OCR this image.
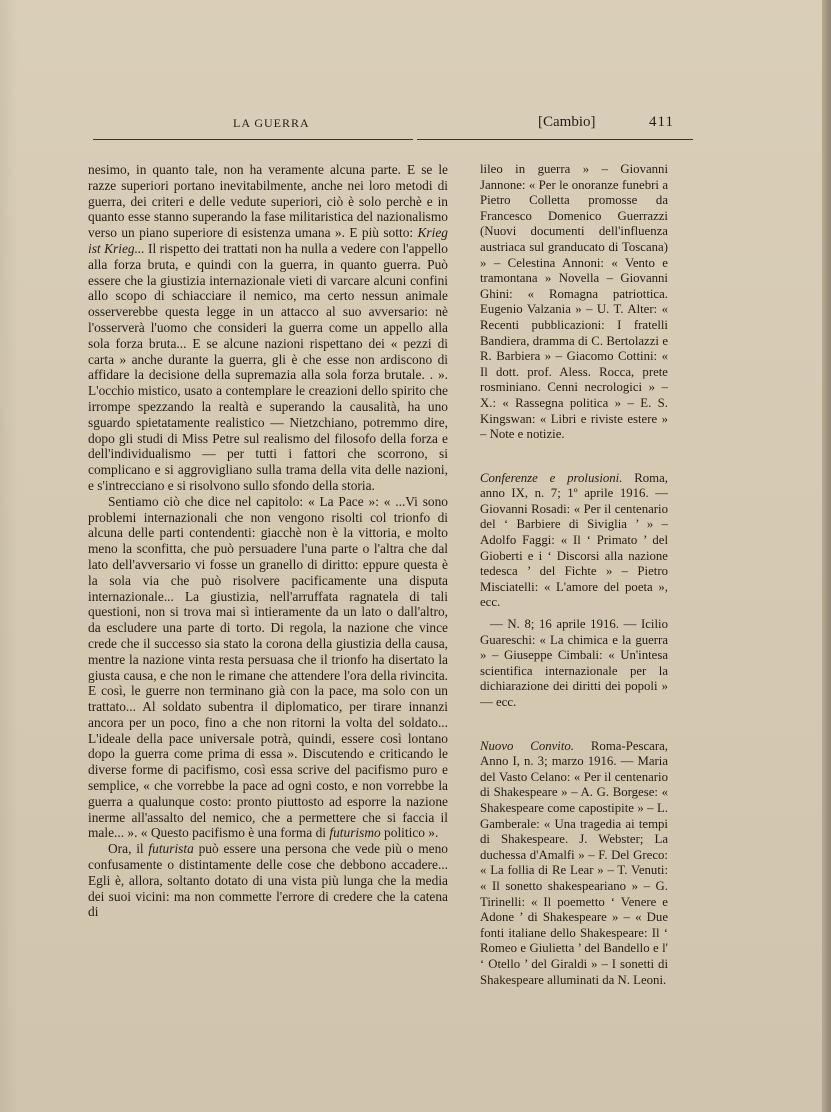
LA GUERRA	[Cambio]	411

nesimo, in quanto tale, non ha veramente alcuna parte. E se le razze superiori portano inevitabilmente, anche nei loro metodi di guerra, dei criteri e delle vedute superiori, ciò è solo perchè e in quanto esse stanno superando la fase militaristica del nazionalismo verso un piano superiore di esistenza umana ». E più sotto: Krieg ist Krieg... Il rispetto dei trattati non ha nulla a vedere con l'appello alla forza bruta, e quindi con la guerra, in quanto guerra. Può essere che la giustizia internazionale vieti di varcare alcuni confini allo scopo di schiacciare il nemico, ma certo nessun animale osserverebbe questa legge in un attacco al suo avversario: nè l'osserverà l'uomo che consideri la guerra come un appello alla sola forza bruta... E se alcune nazioni rispettano dei « pezzi di carta » anche durante la guerra, gli è che esse non ardiscono di affidare la decisione della supremazia alla sola forza brutale. . ». L'occhio mistico, usato a contemplare le creazioni dello spirito che irrompe spezzando la realtà e superando la causalità, ha uno sguardo spietatamente realistico — Nietzchiano, potremmo dire, dopo gli studi di Miss Petre sul realismo del filosofo della forza e dell'individualismo — per tutti i fattori che scorrono, si complicano e si aggrovigliano sulla trama della vita delle nazioni, e s'intrecciano e si risolvono sullo sfondo della storia.

Sentiamo ciò che dice nel capitolo: « La Pace »: « ...Vi sono problemi internazionali che non vengono risolti col trionfo di alcuna delle parti contendenti: giacchè non è la vittoria, e molto meno la sconfitta, che può persuadere l'una parte o l'altra che dal lato dell'avversario vi fosse un granello di diritto: eppure questa è la sola via che può risolvere pacificamente una disputa internazionale... La giustizia, nell'arruffata ragnatela di tali questioni, non si trova mai sì intieramente da un lato o dall'altro, da escludere una parte di torto. Di regola, la nazione che vince crede che il successo sia stato la corona della giustizia della causa, mentre la nazione vinta resta persuasa che il trionfo ha disertato la giusta causa, e che non le rimane che attendere l'ora della rivincita. E così, le guerre non terminano già con la pace, ma solo con un trattato... Al soldato subentra il diplomatico, per tirare innanzi ancora per un poco, fino a che non ritorni la volta del soldato... L'ideale della pace universale potrà, quindi, essere così lontano dopo la guerra come prima di essa ». Discutendo e criticando le diverse forme di pacifismo, così essa scrive del pacifismo puro e semplice, « che vorrebbe la pace ad ogni costo, e non vorrebbe la guerra a qualunque costo: pronto piuttosto ad esporre la nazione inerme all'assalto del nemico, che a permettere che si faccia il male... ». « Questo pacifismo è una forma di futurismo politico ».

Ora, il futurista può essere una persona che vede più o meno confusamente o distintamente delle cose che debbono accadere... Egli è, allora, soltanto dotato di una vista più lunga che la media dei suoi vicini: ma non commette l'errore di credere che la catena di

lileo in guerra » – Giovanni Jannone: « Per le onoranze funebri a Pietro Colletta promosse da Francesco Domenico Guerrazzi (Nuovi documenti dell'influenza austriaca sul granducato di Toscana) » – Celestina Annoni: « Vento e tramontana » Novella – Giovanni Ghini: « Romagna patriottica. Eugenio Valzania » – U. T. Alter: « Recenti pubblicazioni: I fratelli Bandiera, dramma di C. Bertolazzi e R. Barbiera » – Giacomo Cottini: « Il dott. prof. Aless. Rocca, prete rosminiano. Cenni necrologici » – X.: « Rassegna politica » – E. S. Kingswan: « Libri e riviste estere » – Note e notizie.

Conferenze e prolusioni. Roma, anno IX, n. 7; 1º aprile 1916. — Giovanni Rosadi: « Per il centenario del ‘ Barbiere di Siviglia ’ » – Adolfo Faggi: « Il ‘ Primato ’ del Gioberti e i ‘ Discorsi alla nazione tedesca ’ del Fichte » – Pietro Misciatelli: « L'amore del poeta », ecc.

— N. 8; 16 aprile 1916. — Icilio Guareschi: « La chimica e la guerra » – Giuseppe Cimbali: « Un'intesa scientifica internazionale per la dichiarazione dei diritti dei popoli » — ecc.

Nuovo Convito. Roma-Pescara, Anno I, n. 3; marzo 1916. — Maria del Vasto Celano: « Per il centenario di Shakespeare » – A. G. Borgese: « Shakespeare come capostipite » – L. Gamberale: « Una tragedia ai tempi di Shakespeare. J. Webster; La duchessa d'Amalfi » – F. Del Greco: « La follia di Re Lear » – T. Venuti: « Il sonetto shakespeariano » – G. Tirinelli: « Il poemetto ‘ Venere e Adone ’ di Shakespeare » – « Due fonti italiane dello Shakespeare: Il ‘ Romeo e Giulietta ’ del Bandello e l' ‘ Otello ’ del Giraldi » – I sonetti di Shakespeare alluminati da N. Leoni.
